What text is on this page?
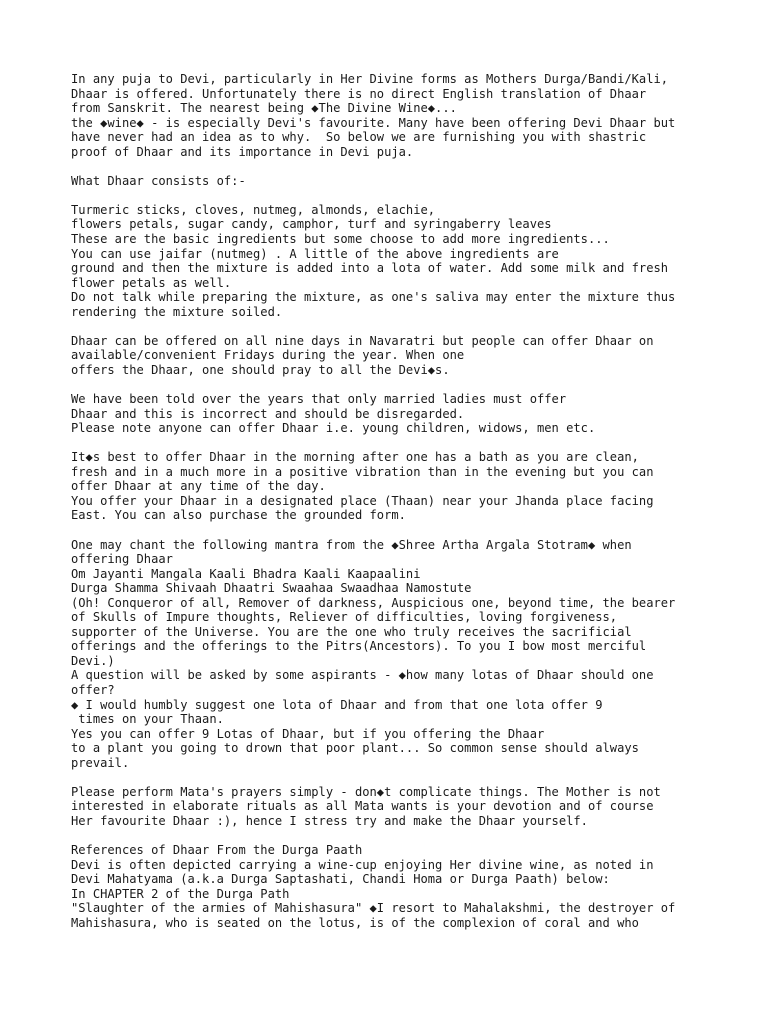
In any puja to Devi, particularly in Her Divine forms as Mothers Durga/Bandi/Kali,
Dhaar is offered. Unfortunately there is no direct English translation of Dhaar
from Sanskrit. The nearest being ◆The Divine Wine◆...
the ◆wine◆ - is especially Devi's favourite. Many have been offering Devi Dhaar but
have never had an idea as to why.  So below we are furnishing you with shastric
proof of Dhaar and its importance in Devi puja.
What Dhaar consists of:-
Turmeric sticks, cloves, nutmeg, almonds, elachie,
flowers petals, sugar candy, camphor, turf and syringaberry leaves
These are the basic ingredients but some choose to add more ingredients...
You can use jaifar (nutmeg) . A little of the above ingredients are
ground and then the mixture is added into a lota of water. Add some milk and fresh
flower petals as well.
Do not talk while preparing the mixture, as one's saliva may enter the mixture thus
rendering the mixture soiled.
Dhaar can be offered on all nine days in Navaratri but people can offer Dhaar on
available/convenient Fridays during the year. When one
offers the Dhaar, one should pray to all the Devi◆s.
We have been told over the years that only married ladies must offer
Dhaar and this is incorrect and should be disregarded.
Please note anyone can offer Dhaar i.e. young children, widows, men etc.
It◆s best to offer Dhaar in the morning after one has a bath as you are clean,
fresh and in a much more in a positive vibration than in the evening but you can
offer Dhaar at any time of the day.
You offer your Dhaar in a designated place (Thaan) near your Jhanda place facing
East. You can also purchase the grounded form.
One may chant the following mantra from the ◆Shree Artha Argala Stotram◆ when
offering Dhaar
Om Jayanti Mangala Kaali Bhadra Kaali Kaapaalini
Durga Shamma Shivaah Dhaatri Swaahaa Swaadhaa Namostute
(Oh! Conqueror of all, Remover of darkness, Auspicious one, beyond time, the bearer
of Skulls of Impure thoughts, Reliever of difficulties, loving forgiveness,
supporter of the Universe. You are the one who truly receives the sacrificial
offerings and the offerings to the Pitrs(Ancestors). To you I bow most merciful
Devi.)
A question will be asked by some aspirants - ◆how many lotas of Dhaar should one
offer?
◆ I would humbly suggest one lota of Dhaar and from that one lota offer 9
times on your Thaan.
Yes you can offer 9 Lotas of Dhaar, but if you offering the Dhaar
to a plant you going to drown that poor plant... So common sense should always
prevail.
Please perform Mata's prayers simply - don◆t complicate things. The Mother is not
interested in elaborate rituals as all Mata wants is your devotion and of course
Her favourite Dhaar :), hence I stress try and make the Dhaar yourself.
References of Dhaar From the Durga Paath
Devi is often depicted carrying a wine-cup enjoying Her divine wine, as noted in
Devi Mahatyama (a.k.a Durga Saptashati, Chandi Homa or Durga Paath) below:
In CHAPTER 2 of the Durga Path
"Slaughter of the armies of Mahishasura" ◆I resort to Mahalakshmi, the destroyer of
Mahishasura, who is seated on the lotus, is of the complexion of coral and who
